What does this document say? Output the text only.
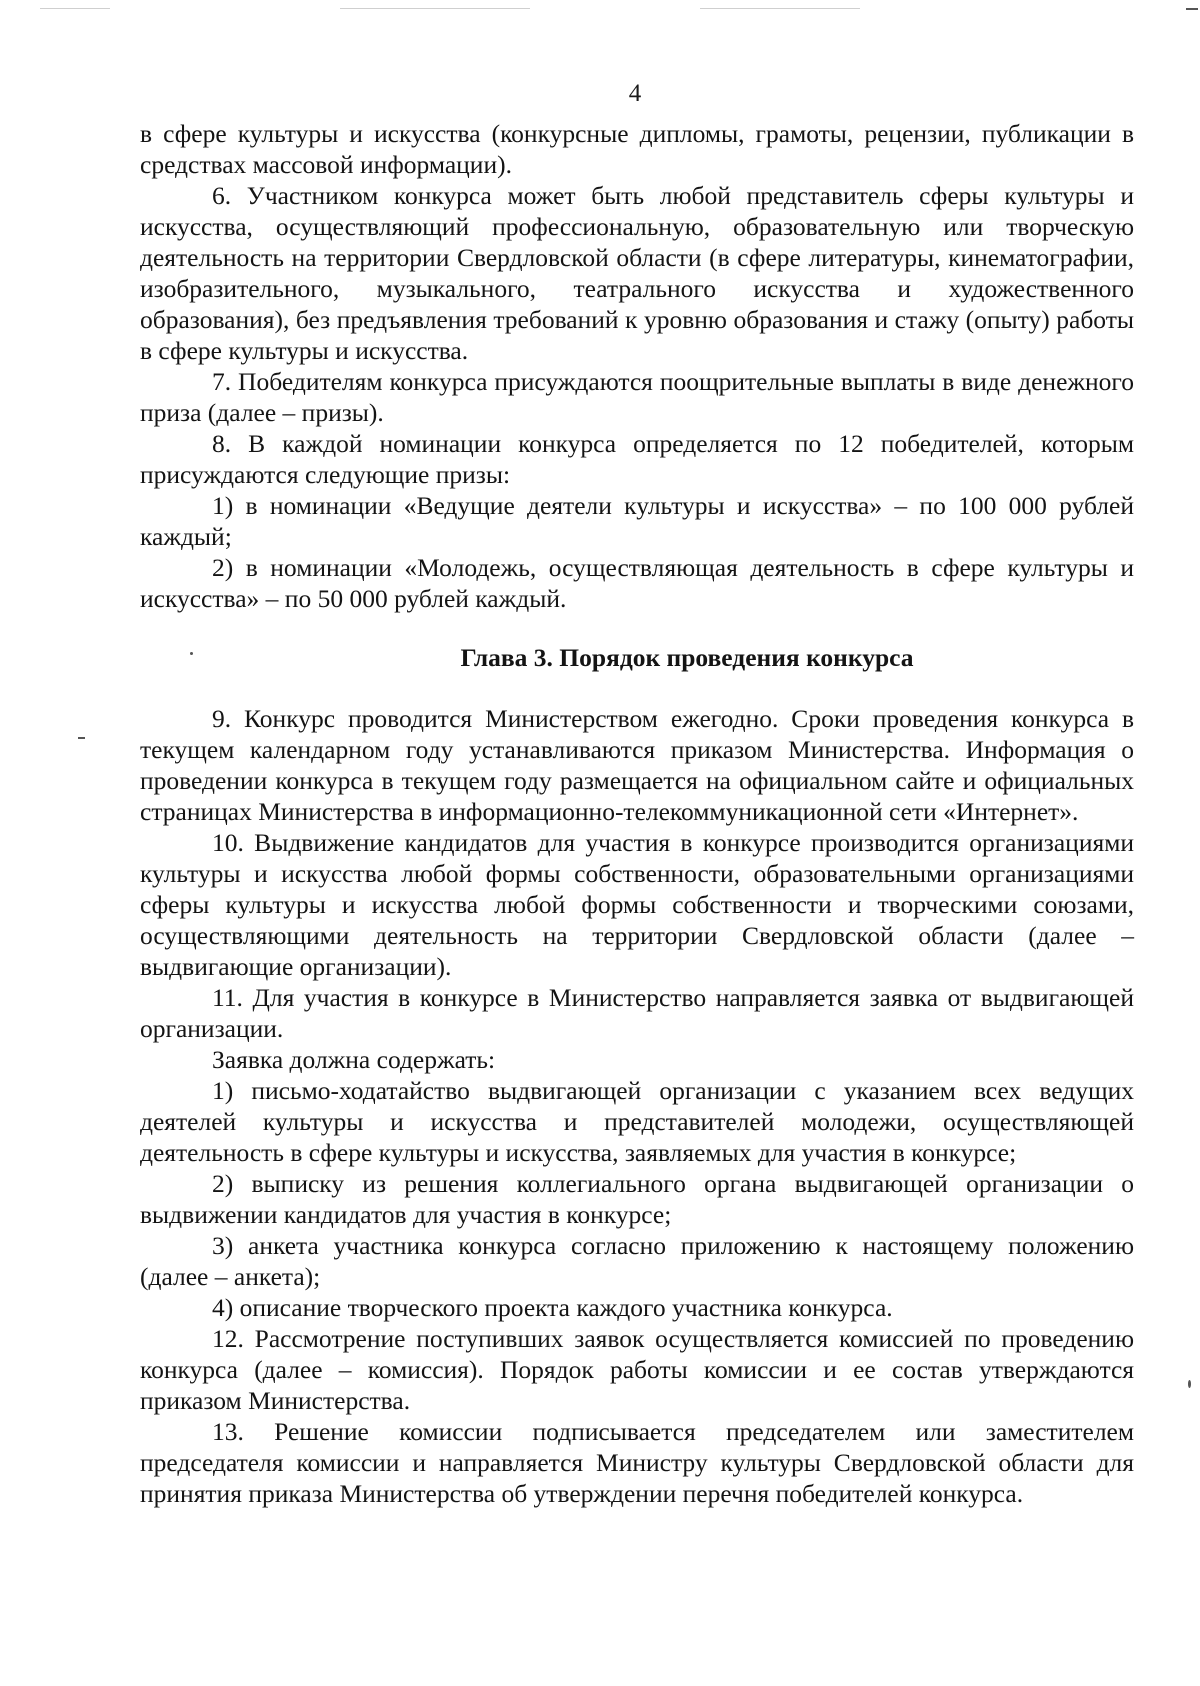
4

в сфере культуры и искусства (конкурсные дипломы, грамоты, рецензии, публикации в средствах массовой информации).

6. Участником конкурса может быть любой представитель сферы культуры и искусства, осуществляющий профессиональную, образовательную или творческую деятельность на территории Свердловской области (в сфере литературы, кинематографии, изобразительного, музыкального, театрального искусства и художественного образования), без предъявления требований к уровню образования и стажу (опыту) работы в сфере культуры и искусства.

7. Победителям конкурса присуждаются поощрительные выплаты в виде денежного приза (далее – призы).

8. В каждой номинации конкурса определяется по 12 победителей, которым присуждаются следующие призы:

1) в номинации «Ведущие деятели культуры и искусства» – по 100 000 рублей каждый;

2) в номинации «Молодежь, осуществляющая деятельность в сфере культуры и искусства» – по 50 000 рублей каждый.

Глава 3. Порядок проведения конкурса

9. Конкурс проводится Министерством ежегодно. Сроки проведения конкурса в текущем календарном году устанавливаются приказом Министерства. Информация о проведении конкурса в текущем году размещается на официальном сайте и официальных страницах Министерства в информационно-телекоммуникационной сети «Интернет».

10. Выдвижение кандидатов для участия в конкурсе производится организациями культуры и искусства любой формы собственности, образовательными организациями сферы культуры и искусства любой формы собственности и творческими союзами, осуществляющими деятельность на территории Свердловской области (далее – выдвигающие организации).

11. Для участия в конкурсе в Министерство направляется заявка от выдвигающей организации.

Заявка должна содержать:

1) письмо-ходатайство выдвигающей организации с указанием всех ведущих деятелей культуры и искусства и представителей молодежи, осуществляющей деятельность в сфере культуры и искусства, заявляемых для участия в конкурсе;

2) выписку из решения коллегиального органа выдвигающей организации о выдвижении кандидатов для участия в конкурсе;

3) анкета участника конкурса согласно приложению к настоящему положению (далее – анкета);

4) описание творческого проекта каждого участника конкурса.

12. Рассмотрение поступивших заявок осуществляется комиссией по проведению конкурса (далее – комиссия). Порядок работы комиссии и ее состав утверждаются приказом Министерства.

13. Решение комиссии подписывается председателем или заместителем председателя комиссии и направляется Министру культуры Свердловской области для принятия приказа Министерства об утверждении перечня победителей конкурса.
